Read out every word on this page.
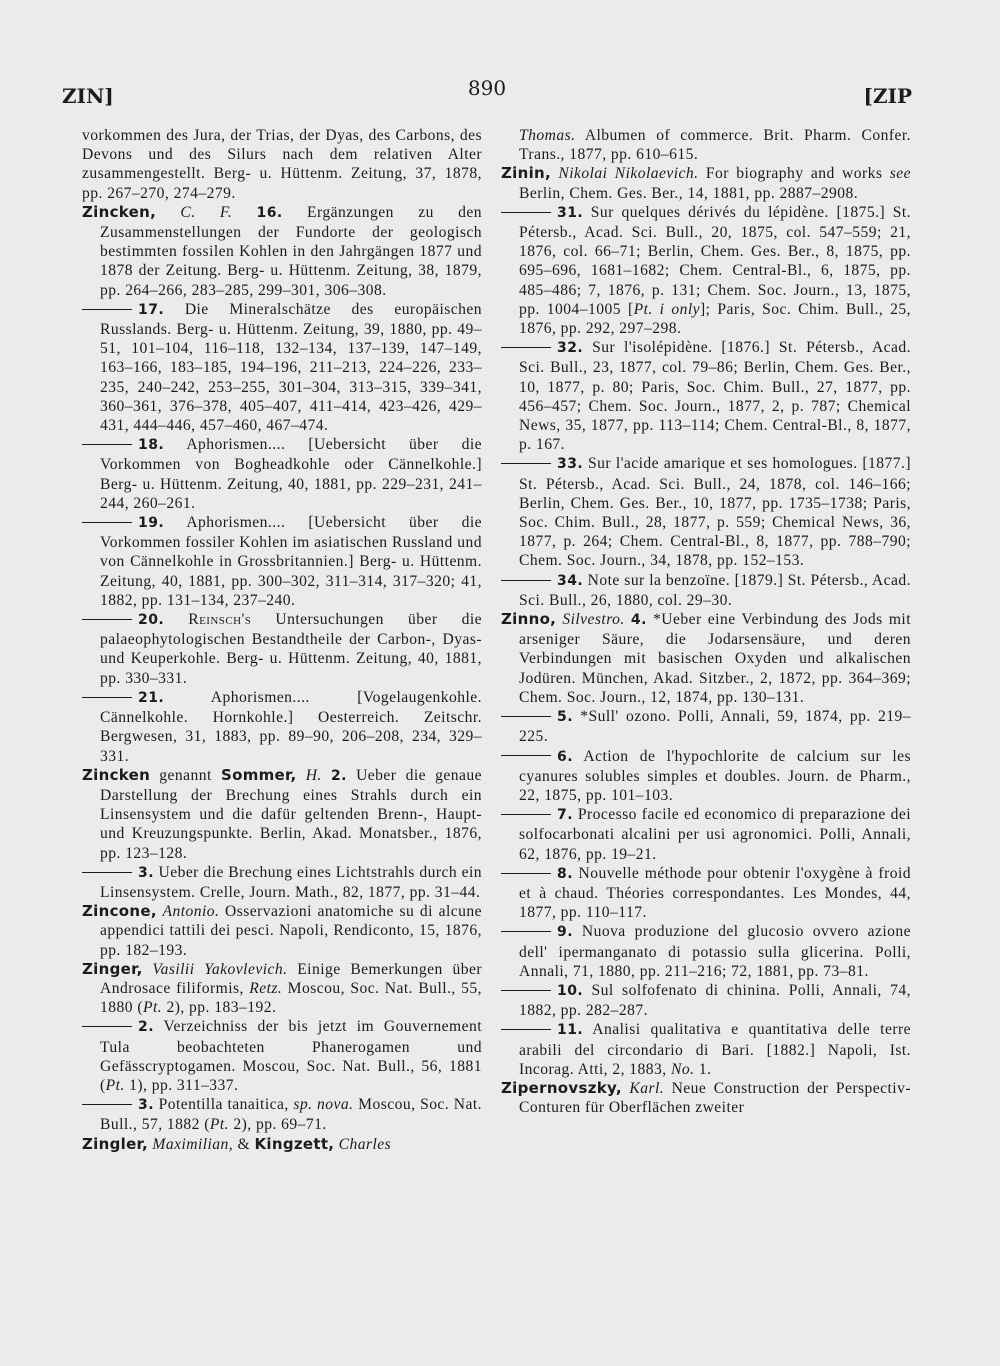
ZIN]	890	[ZIP

vorkommen des Jura, der Trias, der Dyas, des Carbons, des Devons und des Silurs nach dem relativen Alter zusammengestellt. Berg- u. Hüttenm. Zeitung, 37, 1878, pp. 267–270, 274–279.

Zincken, C. F. 16. Ergänzungen zu den Zusammenstellungen der Fundorte der geologisch bestimmten fossilen Kohlen in den Jahrgängen 1877 und 1878 der Zeitung. Berg- u. Hüttenm. Zeitung, 38, 1879, pp. 264–266, 283–285, 299–301, 306–308.

17. Die Mineralschätze des europäischen Russlands. Berg- u. Hüttenm. Zeitung, 39, 1880, pp. 49–51, 101–104, 116–118, 132–134, 137–139, 147–149, 163–166, 183–185, 194–196, 211–213, 224–226, 233–235, 240–242, 253–255, 301–304, 313–315, 339–341, 360–361, 376–378, 405–407, 411–414, 423–426, 429–431, 444–446, 457–460, 467–474.

18. Aphorismen.... [Uebersicht über die Vorkommen von Bogheadkohle oder Cännelkohle.] Berg- u. Hüttenm. Zeitung, 40, 1881, pp. 229–231, 241–244, 260–261.

19. Aphorismen.... [Uebersicht über die Vorkommen fossiler Kohlen im asiatischen Russland und von Cännelkohle in Grossbritannien.] Berg- u. Hüttenm. Zeitung, 40, 1881, pp. 300–302, 311–314, 317–320; 41, 1882, pp. 131–134, 237–240.

20. Reinsch's Untersuchungen über die palaeophytologischen Bestandtheile der Carbon-, Dyas- und Keuperkohle. Berg- u. Hüttenm. Zeitung, 40, 1881, pp. 330–331.

21.	Aphorismen.... [Vogelaugenkohle. Cännelkohle. Hornkohle.] Oesterreich. Zeitschr. Bergwesen, 31, 1883, pp. 89–90, 206–208, 234, 329–331.

Zincken genannt Sommer, H. 2. Ueber die genaue Darstellung der Brechung eines Strahls durch ein Linsensystem und die dafür geltenden Brenn-, Haupt- und Kreuzungspunkte. Berlin, Akad. Monatsber., 1876, pp. 123–128.

3. Ueber die Brechung eines Lichtstrahls durch ein Linsensystem. Crelle, Journ. Math., 82, 1877, pp. 31–44.

Zincone, Antonio. Osservazioni anatomiche su di alcune appendici tattili dei pesci. Napoli, Rendiconto, 15, 1876, pp. 182–193.

Zinger, Vasilii Yakovlevich. Einige Bemerkungen über Androsace filiformis, Retz. Moscou, Soc. Nat. Bull., 55, 1880 (Pt. 2), pp. 183–192.

2. Verzeichniss der bis jetzt im Gouvernement Tula beobachteten Phanerogamen und Gefässcryptogamen. Moscou, Soc. Nat. Bull., 56, 1881 (Pt. 1), pp. 311–337.

3. Potentilla tanaitica, sp. nova. Moscou, Soc. Nat. Bull., 57, 1882 (Pt. 2), pp. 69–71.

Zingler, Maximilian, & Kingzett, Charles

Thomas. Albumen of commerce. Brit. Pharm. Confer. Trans., 1877, pp. 610–615.

Zinin, Nikolai Nikolaevich. For biography and works see Berlin, Chem. Ges. Ber., 14, 1881, pp. 2887–2908.

31. Sur quelques dérivés du lépidène. [1875.] St. Pétersb., Acad. Sci. Bull., 20, 1875, col. 547–559; 21, 1876, col. 66–71; Berlin, Chem. Ges. Ber., 8, 1875, pp. 695–696, 1681–1682; Chem. Central-Bl., 6, 1875, pp. 485–486; 7, 1876, p. 131; Chem. Soc. Journ., 13, 1875, pp. 1004–1005 [Pt. i only]; Paris, Soc. Chim. Bull., 25, 1876, pp. 292, 297–298.

32. Sur l'isolépidène. [1876.] St. Pétersb., Acad. Sci. Bull., 23, 1877, col. 79–86; Berlin, Chem. Ges. Ber., 10, 1877, p. 80; Paris, Soc. Chim. Bull., 27, 1877, pp. 456–457; Chem. Soc. Journ., 1877, 2, p. 787; Chemical News, 35, 1877, pp. 113–114; Chem. Central-Bl., 8, 1877, p. 167.

33. Sur l'acide amarique et ses homologues. [1877.] St. Pétersb., Acad. Sci. Bull., 24, 1878, col. 146–166; Berlin, Chem. Ges. Ber., 10, 1877, pp. 1735–1738; Paris, Soc. Chim. Bull., 28, 1877, p. 559; Chemical News, 36, 1877, p. 264; Chem. Central-Bl., 8, 1877, pp. 788–790; Chem. Soc. Journ., 34, 1878, pp. 152–153.

34. Note sur la benzoïne. [1879.] St. Pétersb., Acad. Sci. Bull., 26, 1880, col. 29–30.

Zinno, Silvestro. 4. *Ueber eine Verbindung des Jods mit arseniger Säure, die Jodarsensäure, und deren Verbindungen mit basischen Oxyden und alkalischen Jodüren. München, Akad. Sitzber., 2, 1872, pp. 364–369; Chem. Soc. Journ., 12, 1874, pp. 130–131.

5. *Sull' ozono. Polli, Annali, 59, 1874, pp. 219–225.

6. Action de l'hypochlorite de calcium sur les cyanures solubles simples et doubles. Journ. de Pharm., 22, 1875, pp. 101–103.

7. Processo facile ed economico di preparazione dei solfocarbonati alcalini per usi agronomici. Polli, Annali, 62, 1876, pp. 19–21.

8. Nouvelle méthode pour obtenir l'oxygène à froid et à chaud. Théories correspondantes. Les Mondes, 44, 1877, pp. 110–117.

9. Nuova produzione del glucosio ovvero azione dell' ipermanganato di potassio sulla glicerina. Polli, Annali, 71, 1880, pp. 211–216; 72, 1881, pp. 73–81.

10. Sul solfofenato di chinina. Polli, Annali, 74, 1882, pp. 282–287.

11. Analisi qualitativa e quantitativa delle terre arabili del circondario di Bari. [1882.] Napoli, Ist. Incorag. Atti, 2, 1883, No. 1.

Zipernovszky, Karl. Neue Construction der Perspectiv-Conturen für Oberflächen zweiter
